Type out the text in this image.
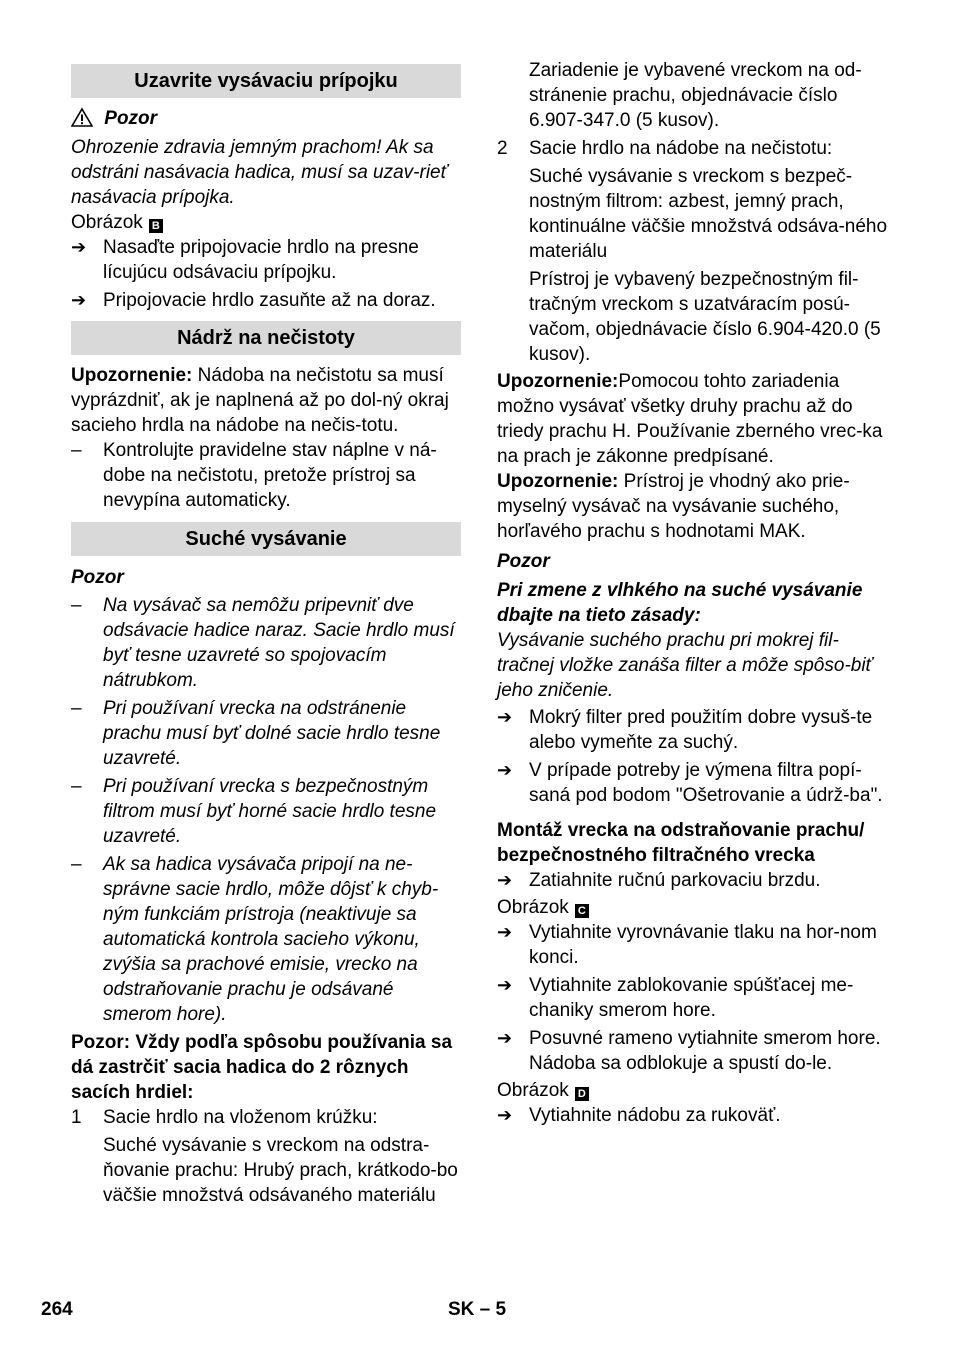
Uzavrite vysávaciu prípojku

Pozor

Ohrozenie zdravia jemným prachom! Ak sa odstráni nasávacia hadica, musí sa uzav-rieť nasávacia prípojka.

Obrázok B

➔ Nasaďte pripojovacie hrdlo na presne lícujúcu odsávaciu prípojku.
➔ Pripojovacie hrdlo zasuňte až na doraz.
Nádrž na nečistoty

Upozornenie: Nádoba na nečistotu sa musí vyprázdniť, ak je naplnená až po dol-ný okraj sacieho hrdla na nádobe na nečis-totu.

–	Kontrolujte pravidelne stav náplne v ná-dobe na nečistotu, pretože prístroj sa nevypína automaticky.
Suché vysávanie

Pozor

–	Na vysávač sa nemôžu pripevniť dve odsávacie hadice naraz. Sacie hrdlo musí byť tesne uzavreté so spojovacím nátrubkom.
–	Pri používaní vrecka na odstránenie prachu musí byť dolné sacie hrdlo tesne uzavreté.
–	Pri používaní vrecka s bezpečnostným filtrom musí byť horné sacie hrdlo tesne uzavreté.
–	Ak sa hadica vysávača pripojí na ne-správne sacie hrdlo, môže dôjsť k chyb-ným funkciám prístroja (neaktivuje sa automatická kontrola sacieho výkonu, zvýšia sa prachové emisie, vrecko na odstraňovanie prachu je odsávané smerom hore).

Pozor: Vždy podľa spôsobu používania sa dá zastrčiť sacia hadica do 2 rôznych sacích hrdiel:

1	Sacie hrdlo na vloženom krúžku:

Suché vysávanie s vreckom na odstra-ňovanie prachu: Hrubý prach, krátkodo-bo väčšie množstvá odsávaného materiálu

Zariadenie je vybavené vreckom na od-stránenie prachu, objednávacie číslo 6.907-347.0 (5 kusov).
2	Sacie hrdlo na nádobe na nečistotu:

Suché vysávanie s vreckom s bezpeč-nostným filtrom: azbest, jemný prach, kontinuálne väčšie množstvá odsáva-ného materiálu

Prístroj je vybavený bezpečnostným fil-tračným vreckom s uzatváracím posú-vačom, objednávacie číslo 6.904-420.0 (5 kusov).

Upozornenie:Pomocou tohto zariadenia možno vysávať všetky druhy prachu až do triedy prachu H. Používanie zberného vrec-ka na prach je zákonne predpísané.

Upozornenie: Prístroj je vhodný ako prie-myselný vysávač na vysávanie suchého, horľavého prachu s hodnotami MAK.

Pozor

Pri zmene z vlhkého na suché vysávanie dbajte na tieto zásady:

Vysávanie suchého prachu pri mokrej fil-tračnej vložke zanáša filter a môže spôso-biť jeho zničenie.

➔ Mokrý filter pred použitím dobre vysuš-te alebo vymeňte za suchý.
➔ V prípade potreby je výmena filtra popí-saná pod bodom "Ošetrovanie a údrž-ba".

Montáž vrecka na odstraňovanie prachu/ bezpečnostného filtračného vrecka

➔ Zatiahnite ručnú parkovaciu brzdu.

Obrázok C

➔ Vytiahnite vyrovnávanie tlaku na hor-nom konci.
➔ Vytiahnite zablokovanie spúšťacej me-chaniky smerom hore.
➔ Posuvné rameno vytiahnite smerom hore. Nádoba sa odblokuje a spustí do-le.

Obrázok D

➔ Vytiahnite nádobu za rukoväť.
264	SK – 5
